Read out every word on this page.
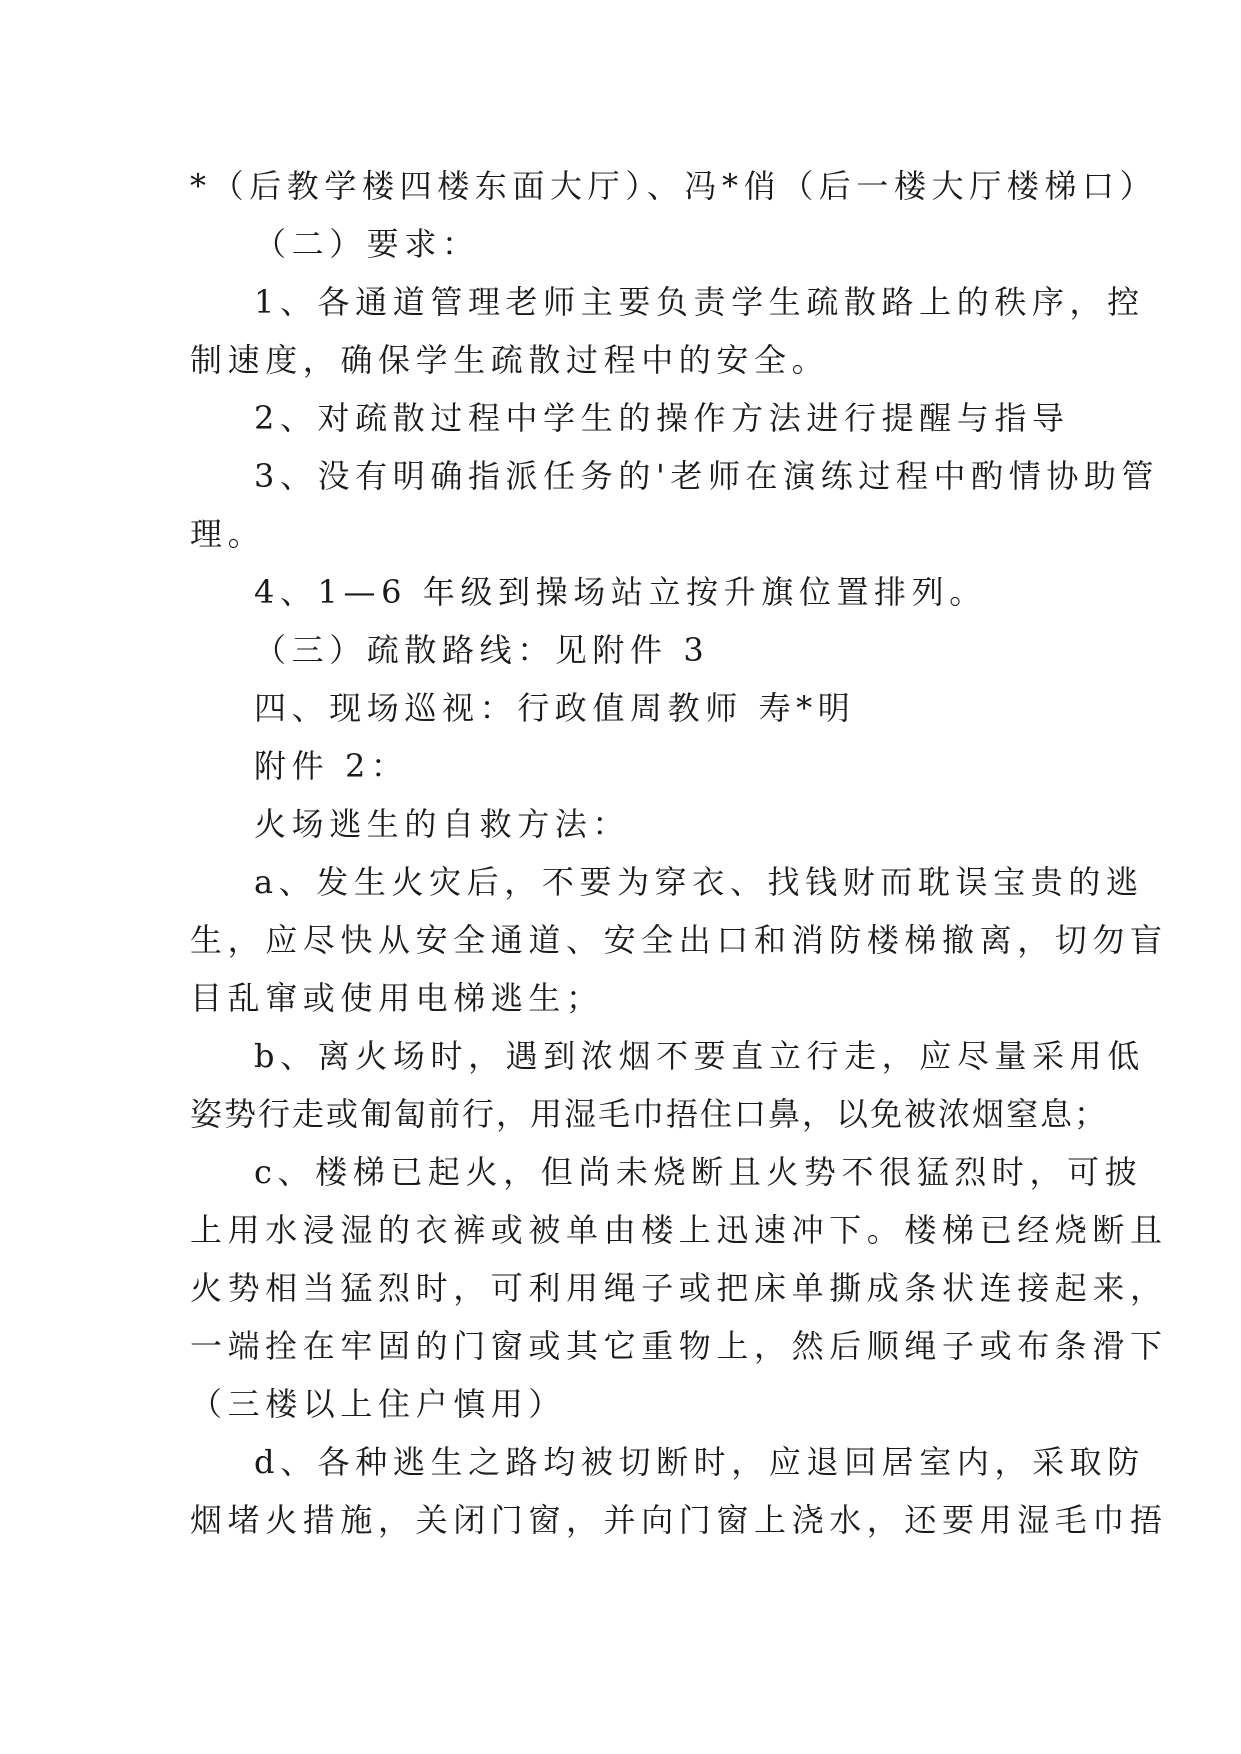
*（后教学楼四楼东面大厅）、冯*俏（后一楼大厅楼梯口）
（二）要求：
1、各通道管理老师主要负责学生疏散路上的秩序，控
制速度，确保学生疏散过程中的安全。
2、对疏散过程中学生的操作方法进行提醒与指导
3、没有明确指派任务的'老师在演练过程中酌情协助管
理。
4、1—6 年级到操场站立按升旗位置排列。
（三）疏散路线：见附件 3
四、现场巡视：行政值周教师 寿*明
附件 2：
火场逃生的自救方法：
a、发生火灾后，不要为穿衣、找钱财而耽误宝贵的逃
生，应尽快从安全通道、安全出口和消防楼梯撤离，切勿盲
目乱窜或使用电梯逃生；
b、离火场时，遇到浓烟不要直立行走，应尽量采用低
姿势行走或匍匐前行，用湿毛巾捂住口鼻，以免被浓烟窒息；
c、楼梯已起火，但尚未烧断且火势不很猛烈时，可披
上用水浸湿的衣裤或被单由楼上迅速冲下。楼梯已经烧断且
火势相当猛烈时，可利用绳子或把床单撕成条状连接起来，
一端拴在牢固的门窗或其它重物上，然后顺绳子或布条滑下
（三楼以上住户慎用）
d、各种逃生之路均被切断时，应退回居室内，采取防
烟堵火措施，关闭门窗，并向门窗上浇水，还要用湿毛巾捂
